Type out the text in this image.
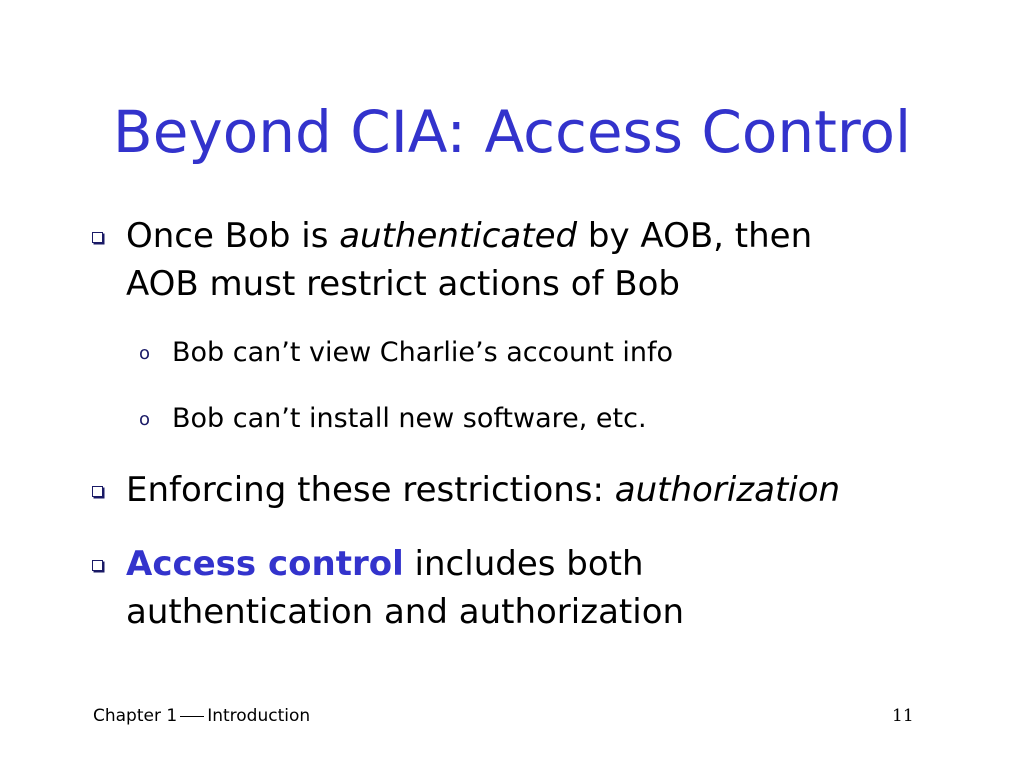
Beyond CIA: Access Control
Once Bob is authenticated by AOB, then
AOB must restrict actions of Bob
o Bob can’t view Charlie’s account info
o Bob can’t install new software, etc.
Enforcing these restrictions: authorization
Access control includes both
authentication and authorization
Chapter 1 Introduction	11
